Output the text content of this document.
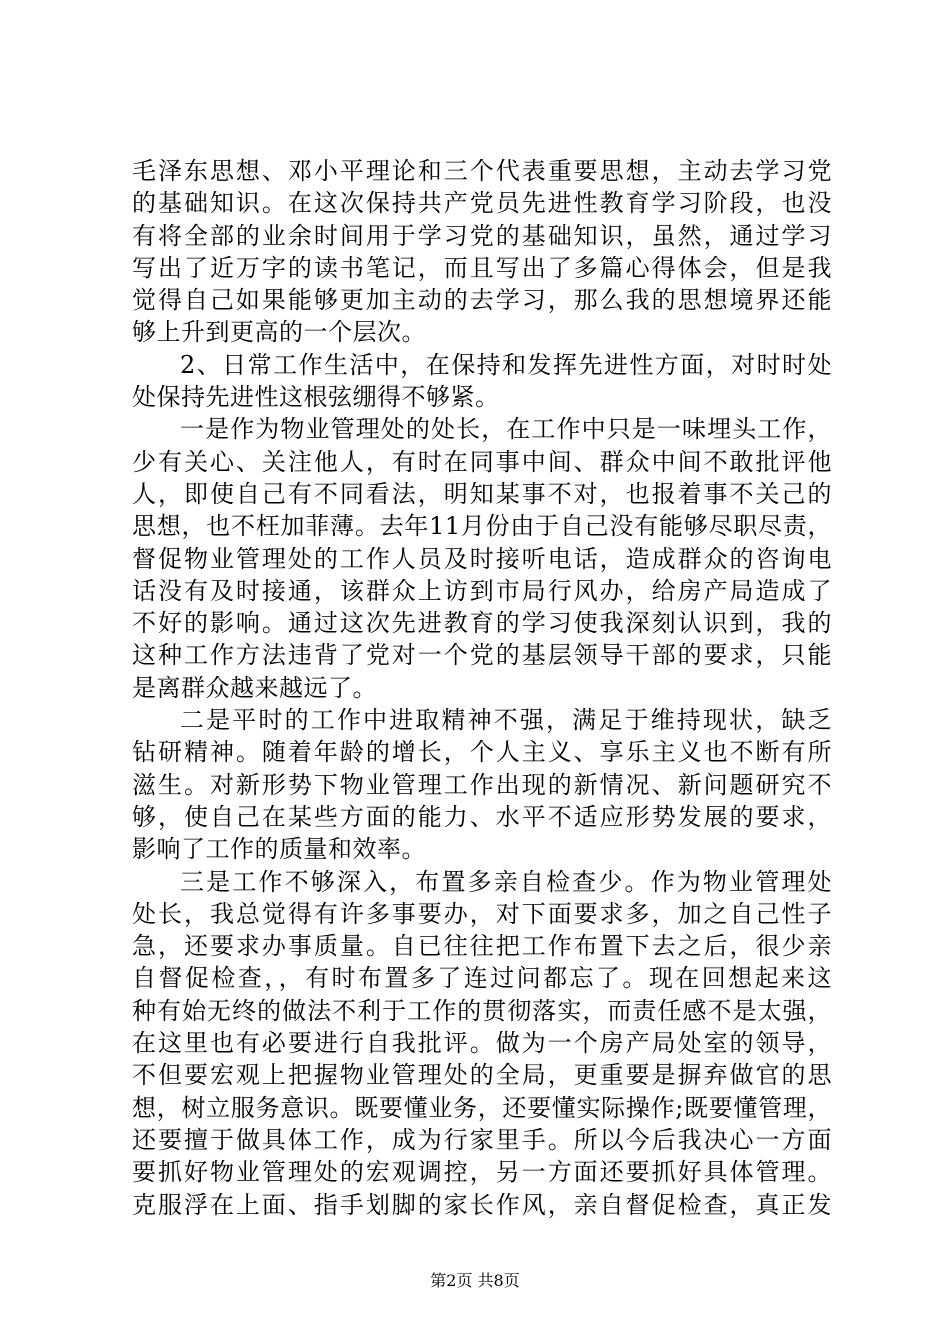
毛泽东思想、邓小平理论和三个代表重要思想，主动去学习党
的基础知识。在这次保持共产党员先进性教育学习阶段，也没
有将全部的业余时间用于学习党的基础知识，虽然，通过学习
写出了近万字的读书笔记，而且写出了多篇心得体会，但是我
觉得自己如果能够更加主动的去学习，那么我的思想境界还能
够上升到更高的一个层次。
2、日常工作生活中，在保持和发挥先进性方面，对时时处
处保持先进性这根弦绷得不够紧。
一是作为物业管理处的处长，在工作中只是一味埋头工作，
少有关心、关注他人，有时在同事中间、群众中间不敢批评他
人，即使自己有不同看法，明知某事不对，也报着事不关己的
思想，也不枉加菲薄。去年11月份由于自己没有能够尽职尽责，
督促物业管理处的工作人员及时接听电话，造成群众的咨询电
话没有及时接通，该群众上访到市局行风办，给房产局造成了
不好的影响。通过这次先进教育的学习使我深刻认识到，我的
这种工作方法违背了党对一个党的基层领导干部的要求，只能
是离群众越来越远了。
二是平时的工作中进取精神不强，满足于维持现状，缺乏
钻研精神。随着年龄的增长，个人主义、享乐主义也不断有所
滋生。对新形势下物业管理工作出现的新情况、新问题研究不
够，使自己在某些方面的能力、水平不适应形势发展的要求，
影响了工作的质量和效率。
三是工作不够深入，布置多亲自检查少。作为物业管理处
处长，我总觉得有许多事要办，对下面要求多，加之自己性子
急，还要求办事质量。自已往往把工作布置下去之后，很少亲
自督促检查，，有时布置多了连过问都忘了。现在回想起来这
种有始无终的做法不利于工作的贯彻落实，而责任感不是太强，
在这里也有必要进行自我批评。做为一个房产局处室的领导，
不但要宏观上把握物业管理处的全局，更重要是摒弃做官的思
想，树立服务意识。既要懂业务，还要懂实际操作;既要懂管理，
还要擅于做具体工作，成为行家里手。所以今后我决心一方面
要抓好物业管理处的宏观调控，另一方面还要抓好具体管理。
克服浮在上面、指手划脚的家长作风，亲自督促检查，真正发
第2页 共8页
